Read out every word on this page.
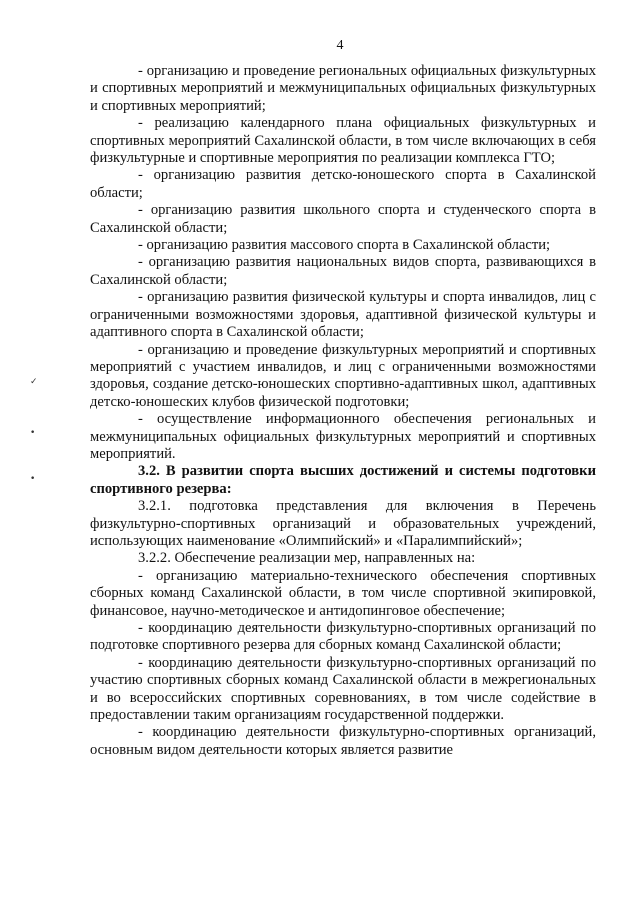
4
✓
•
•

- организацию и проведение региональных официальных физкультурных и спортивных мероприятий и межмуниципальных официальных физкультурных и спортивных мероприятий;

- реализацию календарного плана официальных физкультурных и спортивных мероприятий Сахалинской области, в том числе включающих в себя физкультурные и спортивные мероприятия по реализации комплекса ГТО;

- организацию развития детско-юношеского спорта в Сахалинской области;

- организацию развития школьного спорта и студенческого спорта в Сахалинской области;

- организацию развития массового спорта в Сахалинской области;

- организацию развития национальных видов спорта, развивающихся в Сахалинской области;

- организацию развития физической культуры и спорта инвалидов, лиц с ограниченными возможностями здоровья, адаптивной физической культуры и адаптивного спорта в Сахалинской области;

- организацию и проведение физкультурных мероприятий и спортивных мероприятий с участием инвалидов, и лиц с ограниченными возможностями здоровья, создание детско-юношеских спортивно-адаптивных школ, адаптивных детско-юношеских клубов физической подготовки;

- осуществление информационного обеспечения региональных и межмуниципальных официальных физкультурных мероприятий и спортивных мероприятий.

3.2. В развитии спорта высших достижений и системы подготовки спортивного резерва:

3.2.1. подготовка представления для включения в Перечень физкультурно-спортивных организаций и образовательных учреждений, использующих наименование «Олимпийский» и «Паралимпийский»;

3.2.2. Обеспечение реализации мер, направленных на:

- организацию материально-технического обеспечения спортивных сборных команд Сахалинской области, в том числе спортивной экипировкой, финансовое, научно-методическое и антидопинговое обеспечение;

- координацию деятельности физкультурно-спортивных организаций по подготовке спортивного резерва для сборных команд Сахалинской области;

- координацию деятельности физкультурно-спортивных организаций по участию спортивных сборных команд Сахалинской области в межрегиональных и во всероссийских спортивных соревнованиях, в том числе содействие в предоставлении таким организациям государственной поддержки.

- координацию деятельности физкультурно-спортивных организаций, основным видом деятельности которых является развитие
